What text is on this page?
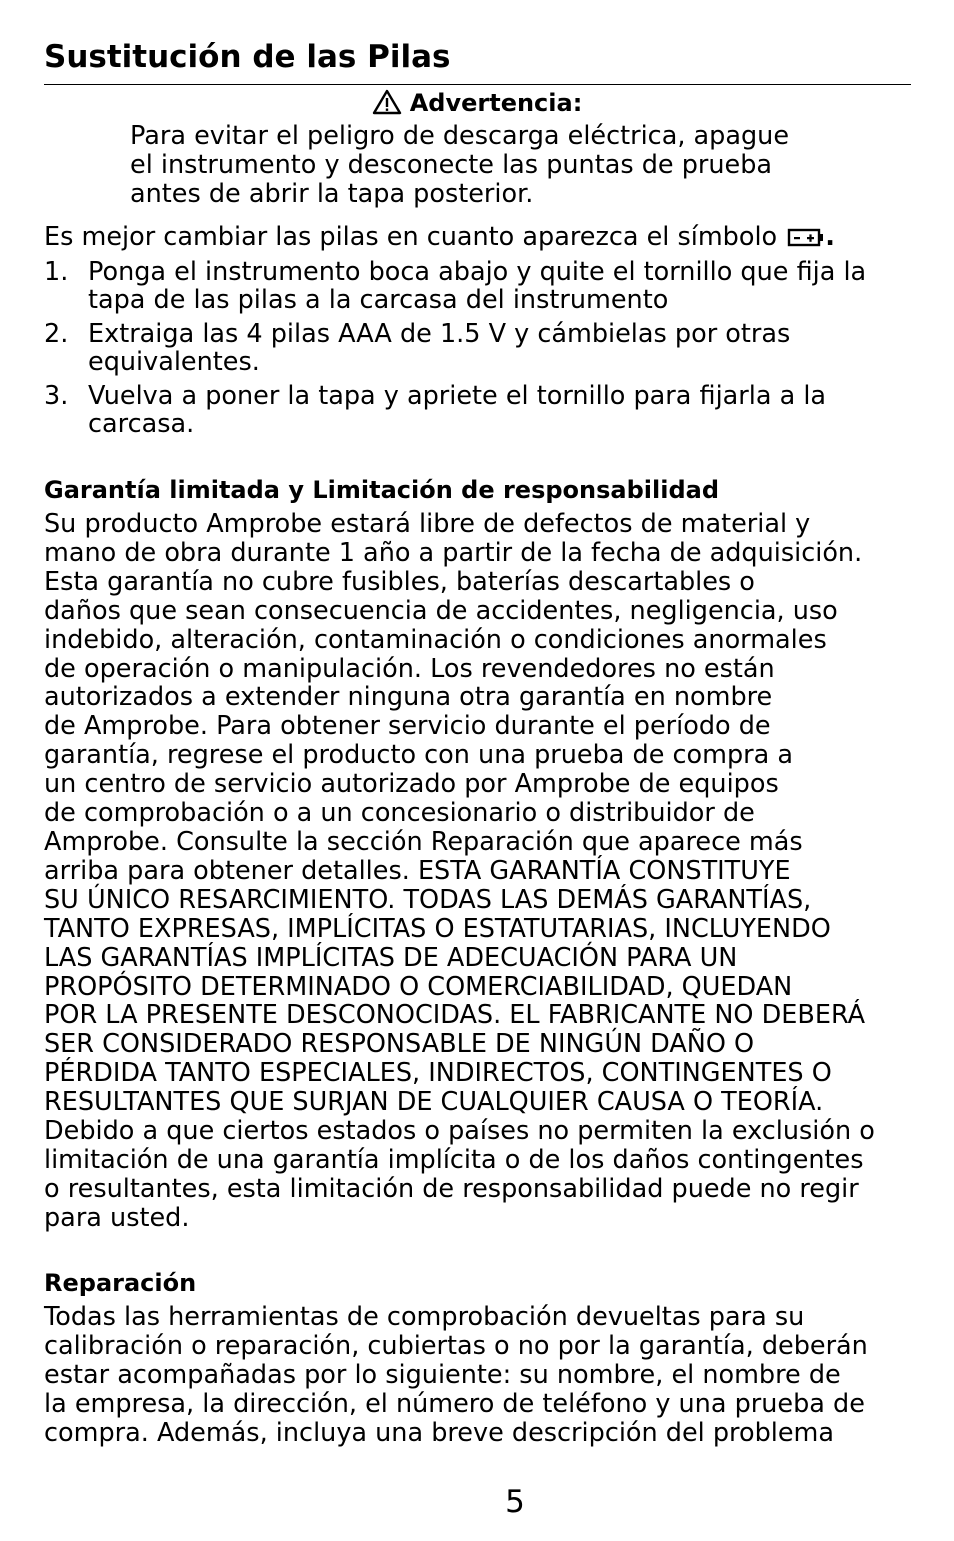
Sustitución de las Pilas
Advertencia:
Para evitar el peligro de descarga eléctrica, apague
el instrumento y desconecte las puntas de prueba
antes de abrir la tapa posterior.
Es mejor cambiar las pilas en cuanto aparezca el símbolo .
1. Ponga el instrumento boca abajo y quite el tornillo que fija la tapa de las pilas a la carcasa del instrumento
2. Extraiga las 4 pilas AAA de 1.5 V y cámbielas por otras equivalentes.
3. Vuelva a poner la tapa y apriete el tornillo para fijarla a la carcasa.
Garantía limitada y Limitación de responsabilidad
Su producto Amprobe estará libre de defectos de material y
mano de obra durante 1 año a partir de la fecha de adquisición.
Esta garantía no cubre fusibles, baterías descartables o
daños que sean consecuencia de accidentes, negligencia, uso
indebido, alteración, contaminación o condiciones anormales
de operación o manipulación. Los revendedores no están
autorizados a extender ninguna otra garantía en nombre
de Amprobe. Para obtener servicio durante el período de
garantía, regrese el producto con una prueba de compra a
un centro de servicio autorizado por Amprobe de equipos
de comprobación o a un concesionario o distribuidor de
Amprobe. Consulte la sección Reparación que aparece más
arriba para obtener detalles. ESTA GARANTÍA CONSTITUYE
SU ÚNICO RESARCIMIENTO. TODAS LAS DEMÁS GARANTÍAS,
TANTO EXPRESAS, IMPLÍCITAS O ESTATUTARIAS, INCLUYENDO
LAS GARANTÍAS IMPLÍCITAS DE ADECUACIÓN PARA UN
PROPÓSITO DETERMINADO O COMERCIABILIDAD, QUEDAN
POR LA PRESENTE DESCONOCIDAS. EL FABRICANTE NO DEBERÁ
SER CONSIDERADO RESPONSABLE DE NINGÚN DAÑO O
PÉRDIDA TANTO ESPECIALES, INDIRECTOS, CONTINGENTES O
RESULTANTES QUE SURJAN DE CUALQUIER CAUSA O TEORÍA.
Debido a que ciertos estados o países no permiten la exclusión o
limitación de una garantía implícita o de los daños contingentes
o resultantes, esta limitación de responsabilidad puede no regir
para usted.
Reparación
Todas las herramientas de comprobación devueltas para su
calibración o reparación, cubiertas o no por la garantía, deberán
estar acompañadas por lo siguiente: su nombre, el nombre de
la empresa, la dirección, el número de teléfono y una prueba de
compra. Además, incluya una breve descripción del problema
5
